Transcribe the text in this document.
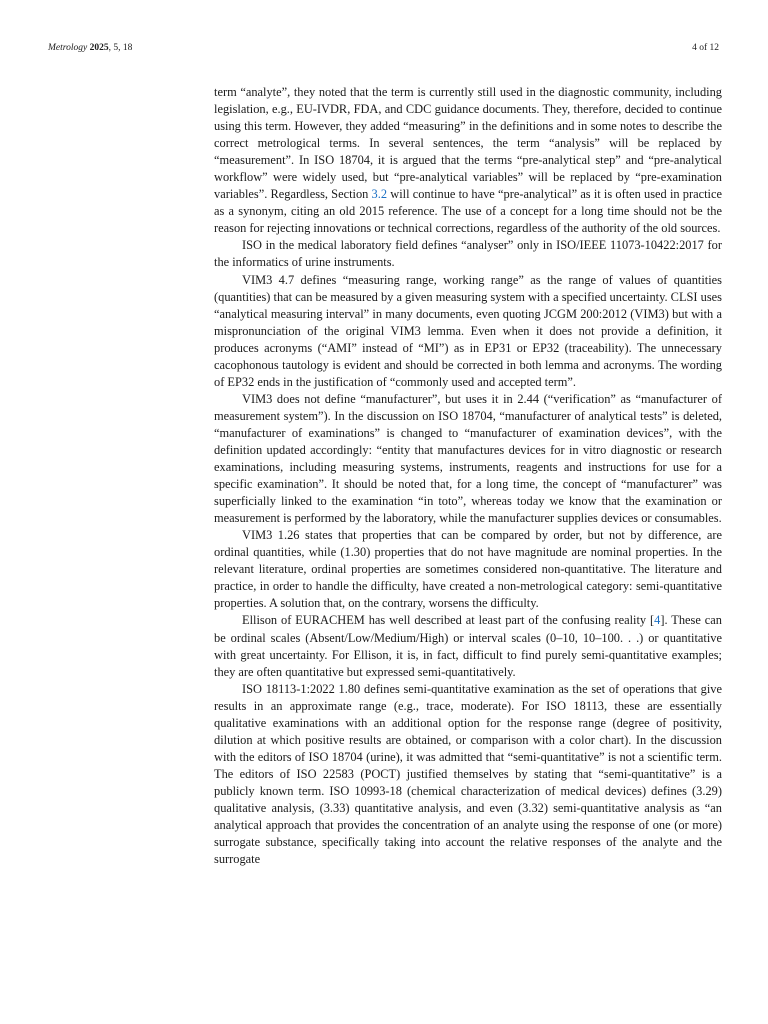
Metrology 2025, 5, 18	4 of 12

term “analyte”, they noted that the term is currently still used in the diagnostic community, including legislation, e.g., EU-IVDR, FDA, and CDC guidance documents. They, therefore, decided to continue using this term. However, they added “measuring” in the definitions and in some notes to describe the correct metrological terms. In several sentences, the term “analysis” will be replaced by “measurement”. In ISO 18704, it is argued that the terms “pre-analytical step” and “pre-analytical workflow” were widely used, but “pre-analytical variables” will be replaced by “pre-examination variables”. Regardless, Section 3.2 will continue to have “pre-analytical” as it is often used in practice as a synonym, citing an old 2015 reference. The use of a concept for a long time should not be the reason for rejecting innovations or technical corrections, regardless of the authority of the old sources.

ISO in the medical laboratory field defines “analyser” only in ISO/IEEE 11073-10422:2017 for the informatics of urine instruments.

VIM3 4.7 defines “measuring range, working range” as the range of values of quantities (quantities) that can be measured by a given measuring system with a specified uncertainty. CLSI uses “analytical measuring interval” in many documents, even quoting JCGM 200:2012 (VIM3) but with a mispronunciation of the original VIM3 lemma. Even when it does not provide a definition, it produces acronyms (“AMI” instead of “MI”) as in EP31 or EP32 (traceability). The unnecessary cacophonous tautology is evident and should be corrected in both lemma and acronyms. The wording of EP32 ends in the justification of “commonly used and accepted term”.

VIM3 does not define “manufacturer”, but uses it in 2.44 (“verification” as “manufacturer of measurement system”). In the discussion on ISO 18704, “manufacturer of analytical tests” is deleted, “manufacturer of examinations” is changed to “manufacturer of examination devices”, with the definition updated accordingly: “entity that manufactures devices for in vitro diagnostic or research examinations, including measuring systems, instruments, reagents and instructions for use for a specific examination”. It should be noted that, for a long time, the concept of “manufacturer” was superficially linked to the examination “in toto”, whereas today we know that the examination or measurement is performed by the laboratory, while the manufacturer supplies devices or consumables.

VIM3 1.26 states that properties that can be compared by order, but not by difference, are ordinal quantities, while (1.30) properties that do not have magnitude are nominal properties. In the relevant literature, ordinal properties are sometimes considered non-quantitative. The literature and practice, in order to handle the difficulty, have created a non-metrological category: semi-quantitative properties. A solution that, on the contrary, worsens the difficulty.

Ellison of EURACHEM has well described at least part of the confusing reality [4]. These can be ordinal scales (Absent/Low/Medium/High) or interval scales (0–10, 10–100. . .) or quantitative with great uncertainty. For Ellison, it is, in fact, difficult to find purely semi-quantitative examples; they are often quantitative but expressed semi-quantitatively.

ISO 18113-1:2022 1.80 defines semi-quantitative examination as the set of operations that give results in an approximate range (e.g., trace, moderate). For ISO 18113, these are essentially qualitative examinations with an additional option for the response range (degree of positivity, dilution at which positive results are obtained, or comparison with a color chart). In the discussion with the editors of ISO 18704 (urine), it was admitted that “semi-quantitative” is not a scientific term. The editors of ISO 22583 (POCT) justified themselves by stating that “semi-quantitative” is a publicly known term. ISO 10993-18 (chemical characterization of medical devices) defines (3.29) qualitative analysis, (3.33) quantitative analysis, and even (3.32) semi-quantitative analysis as “an analytical approach that provides the concentration of an analyte using the response of one (or more) surrogate substance, specifically taking into account the relative responses of the analyte and the surrogate
